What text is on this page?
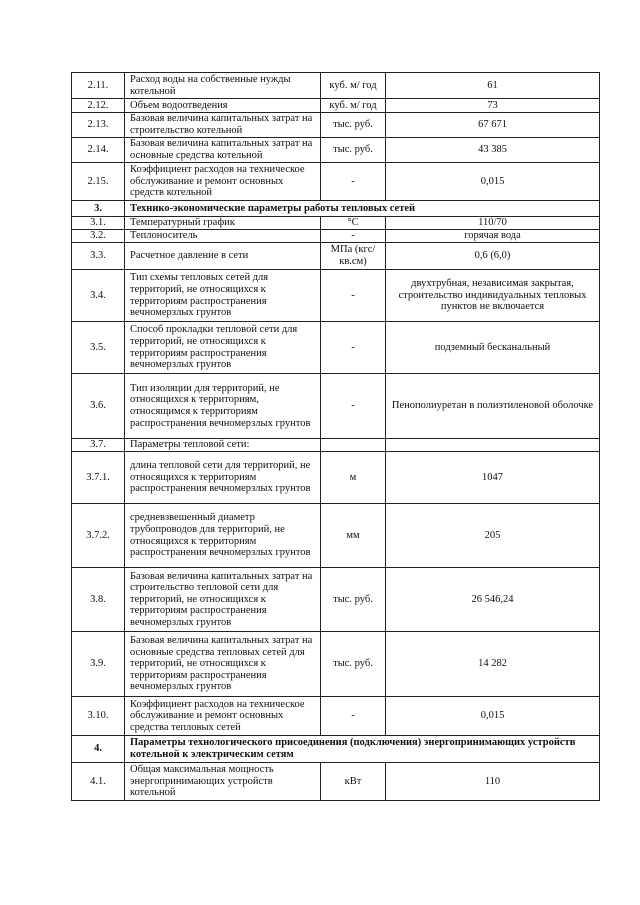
2.11.	Расход воды на собственные нужды котельной	куб. м/ год	61
2.12.	Объем водоотведения	куб. м/ год	73
2.13.	Базовая величина капитальных затрат на строительство котельной	тыс. руб.	67 671
2.14.	Базовая величина капитальных затрат на основные средства котельной	тыс. руб.	43 385
2.15.	Коэффициент расходов на техническое обслуживание и ремонт основных средств котельной	-	0,015
3.	Технико-экономические параметры работы тепловых сетей		
3.1.	Температурный график	°С	110/70
3.2.	Теплоноситель	-	горячая вода
3.3.	Расчетное давление в сети	МПа (кгс/кв.см)	0,6 (6,0)
3.4.	Тип схемы тепловых сетей для территорий, не относящихся к территориям распространения вечномерзлых грунтов	-	двухтрубная, независимая закрытая, строительство индивидуальных тепловых пунктов не включается
3.5.	Способ прокладки тепловой сети для территорий, не относящихся к территориям распространения вечномерзлых грунтов	-	подземный бесканальный
3.6.	Тип изоляции для территорий, не относящихся к территориям, относящимся к территориям распространения вечномерзлых грунтов	-	Пенополиуретан в полиэтиленовой оболочке
3.7.	Параметры тепловой сети:		
3.7.1.	длина тепловой сети для территорий, не относящихся к территориям распространения вечномерзлых грунтов	м	1047
3.7.2.	средневзвешенный диаметр трубопроводов для территорий, не относящихся к территориям распространения вечномерзлых грунтов	мм	205
3.8.	Базовая величина капитальных затрат на строительство тепловой сети для территорий, не относящихся к территориям распространения вечномерзлых грунтов	тыс. руб.	26 546,24
3.9.	Базовая величина капитальных затрат на основные средства тепловых сетей для территорий, не относящихся к территориям распространения вечномерзлых грунтов	тыс. руб.	14 282
3.10.	Коэффициент расходов на техническое обслуживание и ремонт основных средства тепловых сетей	-	0,015
4.	Параметры технологического присоединения (подключения) энергопринимающих устройств котельной к электрическим сетям		
4.1.	Общая максимальная мощность энергопринимающих устройств котельной	кВт	110
